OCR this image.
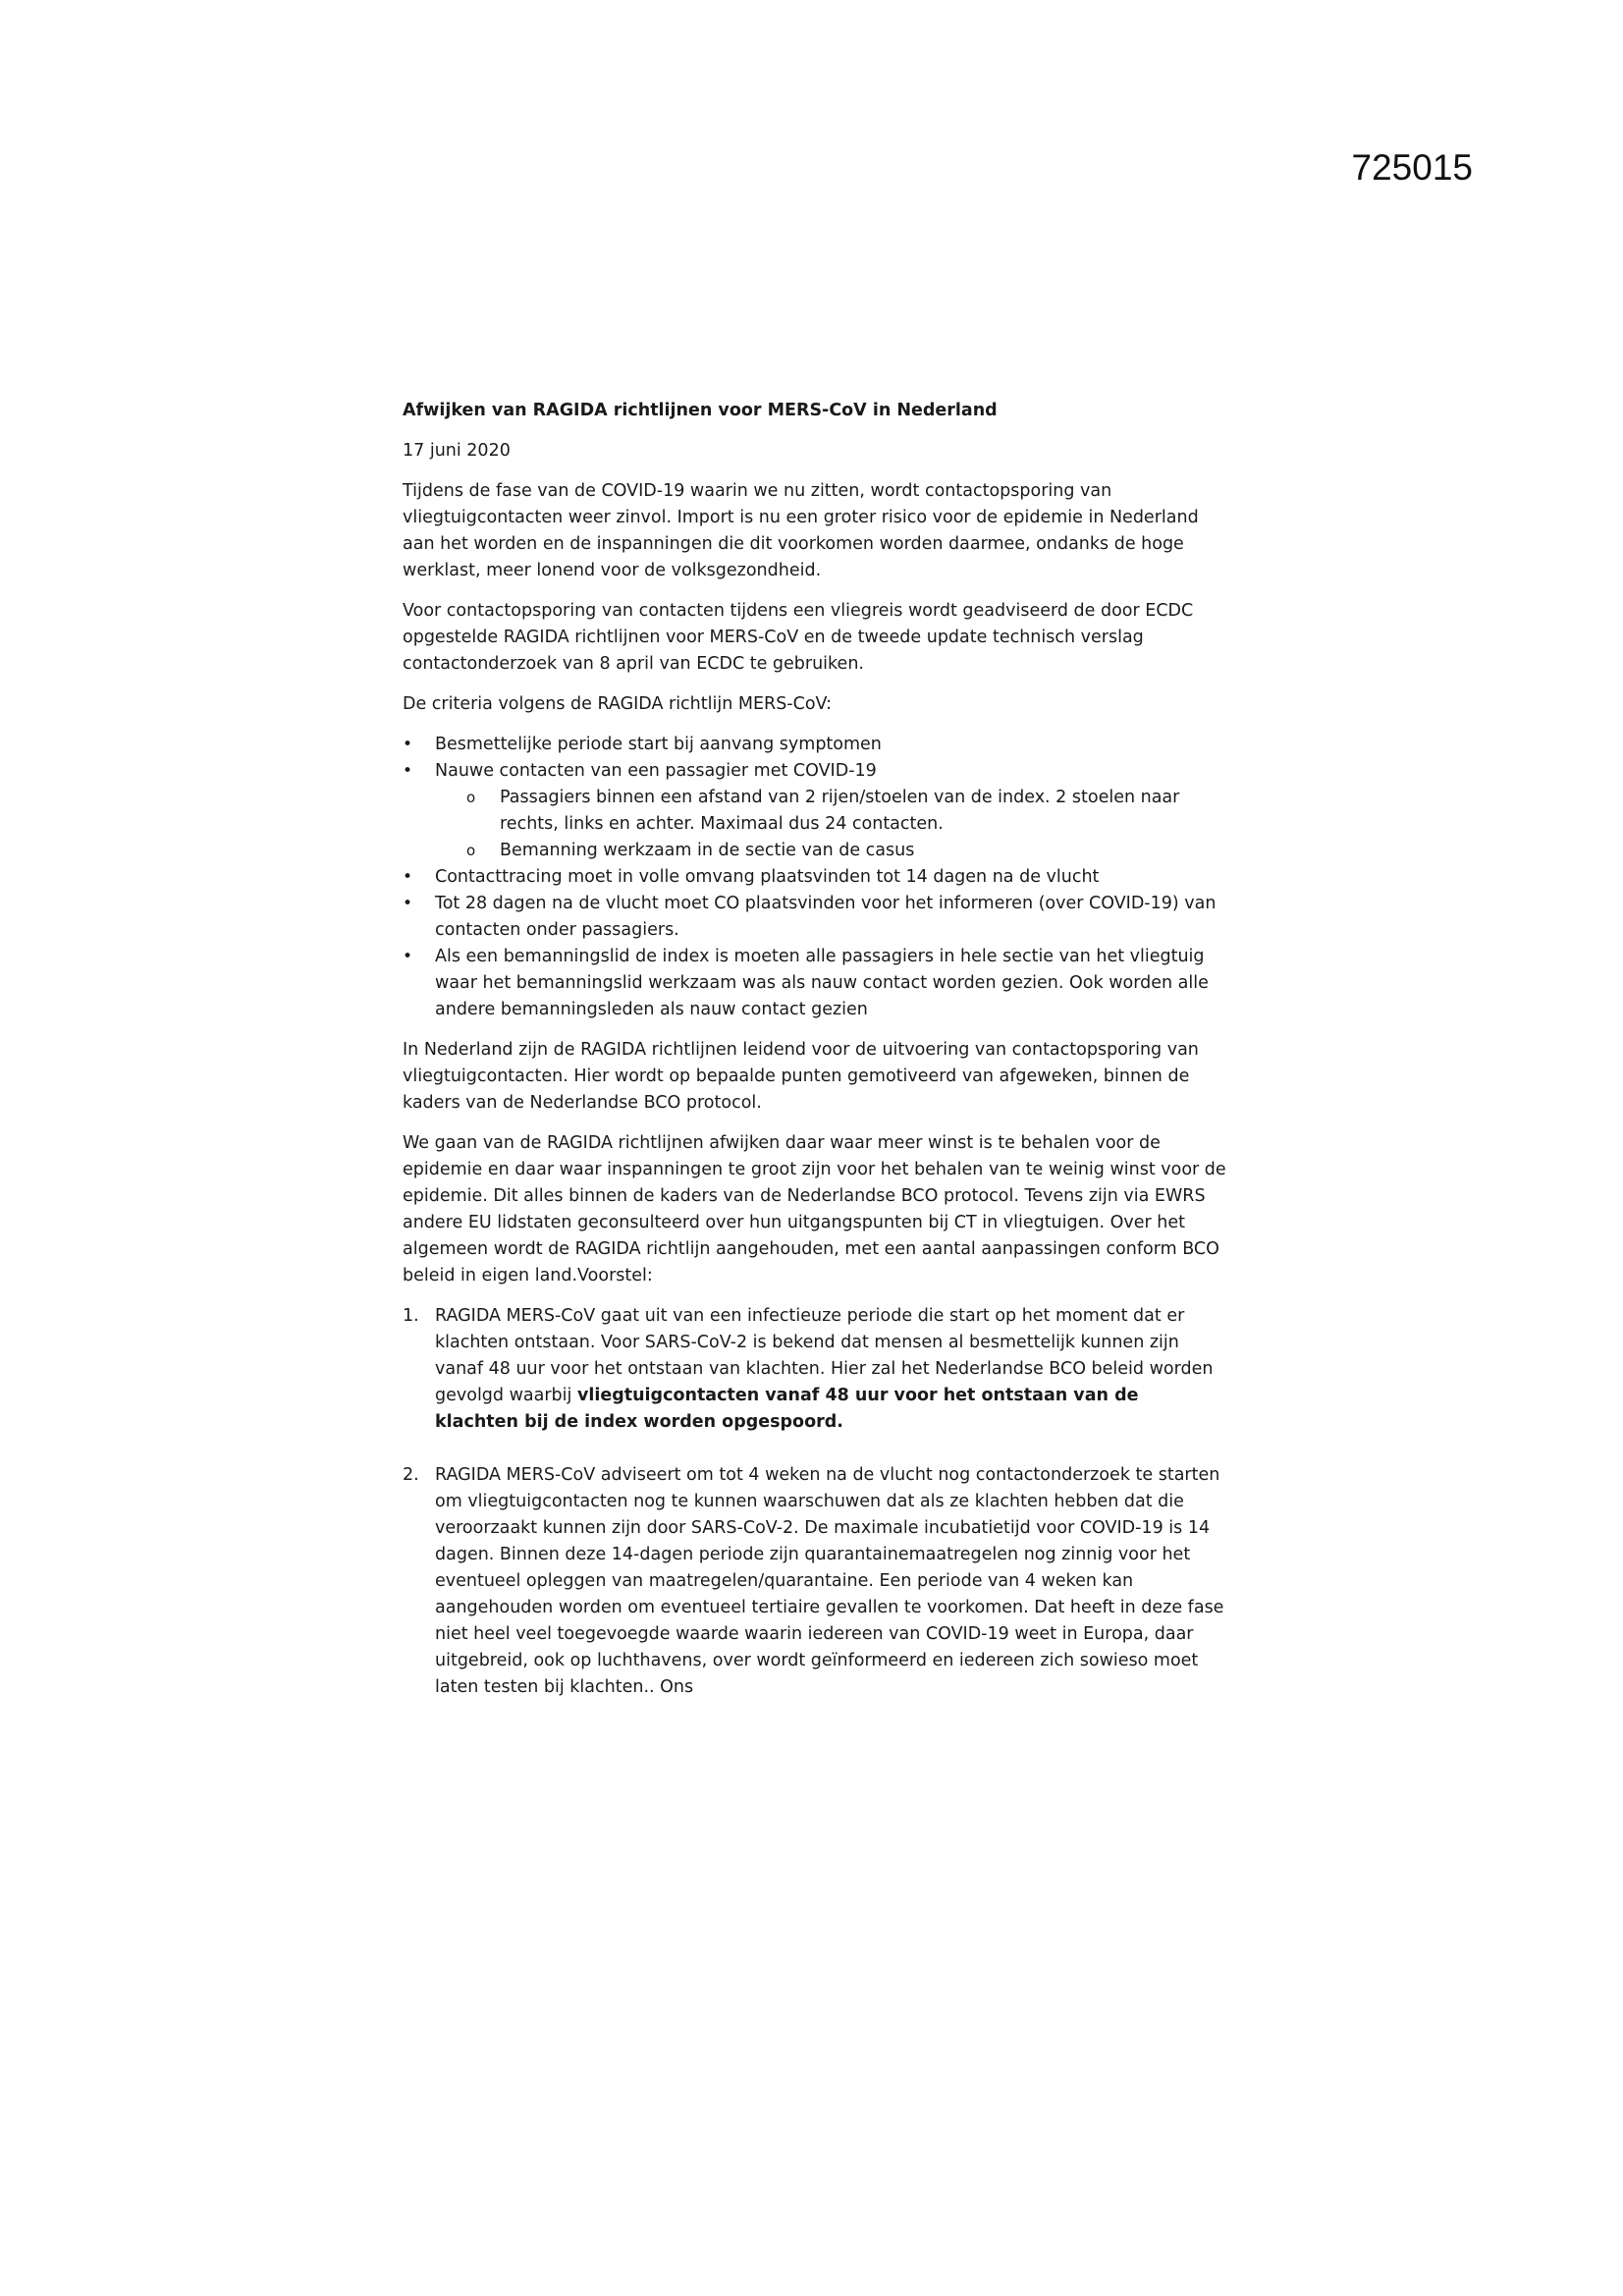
725015
Afwijken van RAGIDA richtlijnen voor MERS-CoV in Nederland
17 juni 2020

Tijdens de fase van de COVID-19 waarin we nu zitten, wordt contactopsporing van vliegtuigcontacten weer zinvol. Import is nu een groter risico voor de epidemie in Nederland aan het worden en de inspanningen die dit voorkomen worden daarmee, ondanks de hoge werklast, meer lonend voor de volksgezondheid.

Voor contactopsporing van contacten tijdens een vliegreis wordt geadviseerd de door ECDC opgestelde RAGIDA richtlijnen voor MERS-CoV en de tweede update technisch verslag contactonderzoek van 8 april van ECDC te gebruiken.

De criteria volgens de RAGIDA richtlijn MERS-CoV:

• Besmettelijke periode start bij aanvang symptomen
• Nauwe contacten van een passagier met COVID-19
o Passagiers binnen een afstand van 2 rijen/stoelen van de index. 2 stoelen naar rechts, links en achter. Maximaal dus 24 contacten.
o Bemanning werkzaam in de sectie van de casus
• Contacttracing moet in volle omvang plaatsvinden tot 14 dagen na de vlucht
• Tot 28 dagen na de vlucht moet CO plaatsvinden voor het informeren (over COVID-19) van contacten onder passagiers.
• Als een bemanningslid de index is moeten alle passagiers in hele sectie van het vliegtuig waar het bemanningslid werkzaam was als nauw contact worden gezien. Ook worden alle andere bemanningsleden als nauw contact gezien

In Nederland zijn de RAGIDA richtlijnen leidend voor de uitvoering van contactopsporing van vliegtuigcontacten. Hier wordt op bepaalde punten gemotiveerd van afgeweken, binnen de kaders van de Nederlandse BCO protocol.

We gaan van de RAGIDA richtlijnen afwijken daar waar meer winst is te behalen voor de epidemie en daar waar inspanningen te groot zijn voor het behalen van te weinig winst voor de epidemie. Dit alles binnen de kaders van de Nederlandse BCO protocol. Tevens zijn via EWRS andere EU lidstaten geconsulteerd over hun uitgangspunten bij CT in vliegtuigen. Over het algemeen wordt de RAGIDA richtlijn aangehouden, met een aantal aanpassingen conform BCO beleid in eigen land.Voorstel:

1. RAGIDA MERS-CoV gaat uit van een infectieuze periode die start op het moment dat er klachten ontstaan. Voor SARS-CoV-2 is bekend dat mensen al besmettelijk kunnen zijn vanaf 48 uur voor het ontstaan van klachten. Hier zal het Nederlandse BCO beleid worden gevolgd waarbij vliegtuigcontacten vanaf 48 uur voor het ontstaan van de klachten bij de index worden opgespoord.
2. RAGIDA MERS-CoV adviseert om tot 4 weken na de vlucht nog contactonderzoek te starten om vliegtuigcontacten nog te kunnen waarschuwen dat als ze klachten hebben dat die veroorzaakt kunnen zijn door SARS-CoV-2. De maximale incubatietijd voor COVID-19 is 14 dagen. Binnen deze 14-dagen periode zijn quarantainemaatregelen nog zinnig voor het eventueel opleggen van maatregelen/quarantaine. Een periode van 4 weken kan aangehouden worden om eventueel tertiaire gevallen te voorkomen. Dat heeft in deze fase niet heel veel toegevoegde waarde waarin iedereen van COVID-19 weet in Europa, daar uitgebreid, ook op luchthavens, over wordt geïnformeerd en iedereen zich sowieso moet laten testen bij klachten.. Ons
